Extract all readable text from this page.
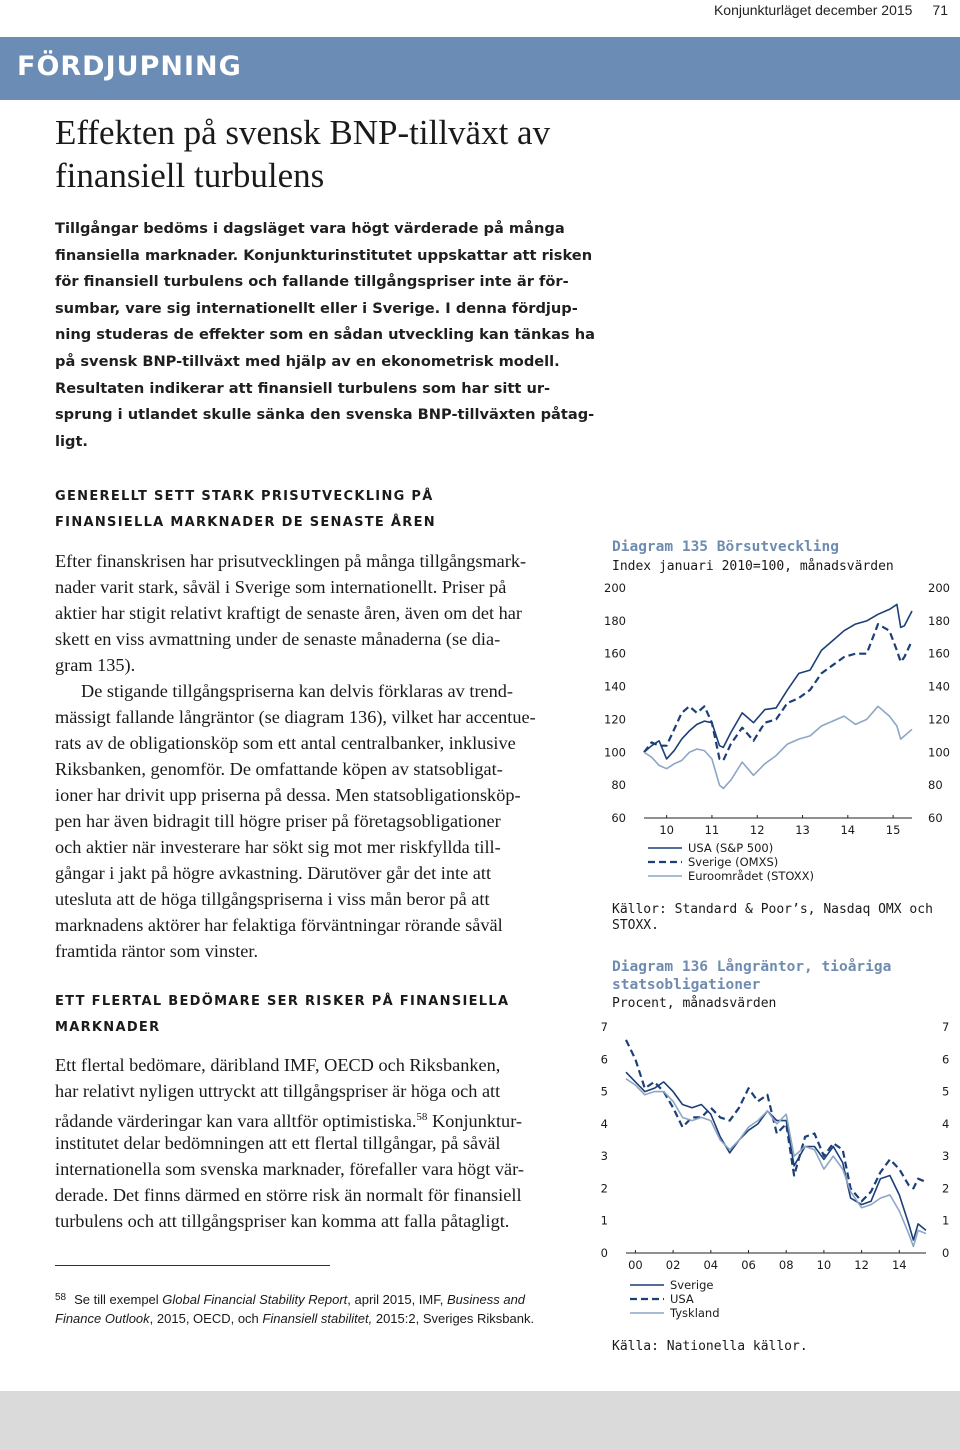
Konjunkturläget december 2015 71
FÖRDJUPNING
Effekten på svensk BNP-tillväxt av
finansiell turbulens
Tillgångar bedöms i dagsläget vara högt värderade på många
finansiella marknader. Konjunkturinstitutet uppskattar att risken
för finansiell turbulens och fallande tillgångspriser inte är för-
sumbar, vare sig internationellt eller i Sverige. I denna fördjup-
ning studeras de effekter som en sådan utveckling kan tänkas ha
på svensk BNP-tillväxt med hjälp av en ekonometrisk modell.
Resultaten indikerar att finansiell turbulens som har sitt ur-
sprung i utlandet skulle sänka den svenska BNP-tillväxten påtag-
ligt.
GENERELLT SETT STARK PRISUTVECKLING PÅ
FINANSIELLA MARKNADER DE SENASTE ÅREN
Efter finanskrisen har prisutvecklingen på många tillgångsmark-
nader varit stark, såväl i Sverige som internationellt. Priser på
aktier har stigit relativt kraftigt de senaste åren, även om det har
skett en viss avmattning under de senaste månaderna (se dia-
gram 135).
De stigande tillgångspriserna kan delvis förklaras av trend-
mässigt fallande långräntor (se diagram 136), vilket har accentue-
rats av de obligationsköp som ett antal centralbanker, inklusive
Riksbanken, genomför. De omfattande köpen av statsobligat-
ioner har drivit upp priserna på dessa. Men statsobligationsköp-
pen har även bidragit till högre priser på företagsobligationer
och aktier när investerare har sökt sig mot mer riskfyllda till-
gångar i jakt på högre avkastning. Därutöver går det inte att
utesluta att de höga tillgångspriserna i viss mån beror på att
marknadens aktörer har felaktiga förväntningar rörande såväl
framtida räntor som vinster.
ETT FLERTAL BEDÖMARE SER RISKER PÅ FINANSIELLA
MARKNADER
Ett flertal bedömare, däribland IMF, OECD och Riksbanken,
har relativt nyligen uttryckt att tillgångspriser är höga och att
rådande värderingar kan vara alltför optimistiska.$^{58}$ Konjunktur-
institutet delar bedömningen att ett flertal tillgångar, på såväl
internationella som svenska marknader, förefaller vara högt vär-
derade. Det finns därmed en större risk än normalt för finansiell
turbulens och att tillgångspriser kan komma att falla påtagligt.
$^{58}$ Se till exempel Global Financial Stability Report, april 2015, IMF, Business and
Finance Outlook, 2015, OECD, och Finansiell stabilitet, 2015:2, Sveriges Riksbank.
Diagram 135 Börsutveckling
Index januari 2010=100, månadsvärden
60	60
80	80
100	100
120	120
140	140
160	160
180	180
200	200
10	11	12	13	14	15
USA (S&P 500)
Sverige (OMXS)
Euroområdet (STOXX)
Källor: Standard & Poor’s, Nasdaq OMX och
STOXX.
Diagram 136 Långräntor, tioåriga
statsobligationer
Procent, månadsvärden
0	0
1	1
2	2
3	3
4	4
5	5
6	6
7	7
00 02 04 06 08 10 12 14
Sverige
USA
Tyskland
Källa: Nationella källor.
